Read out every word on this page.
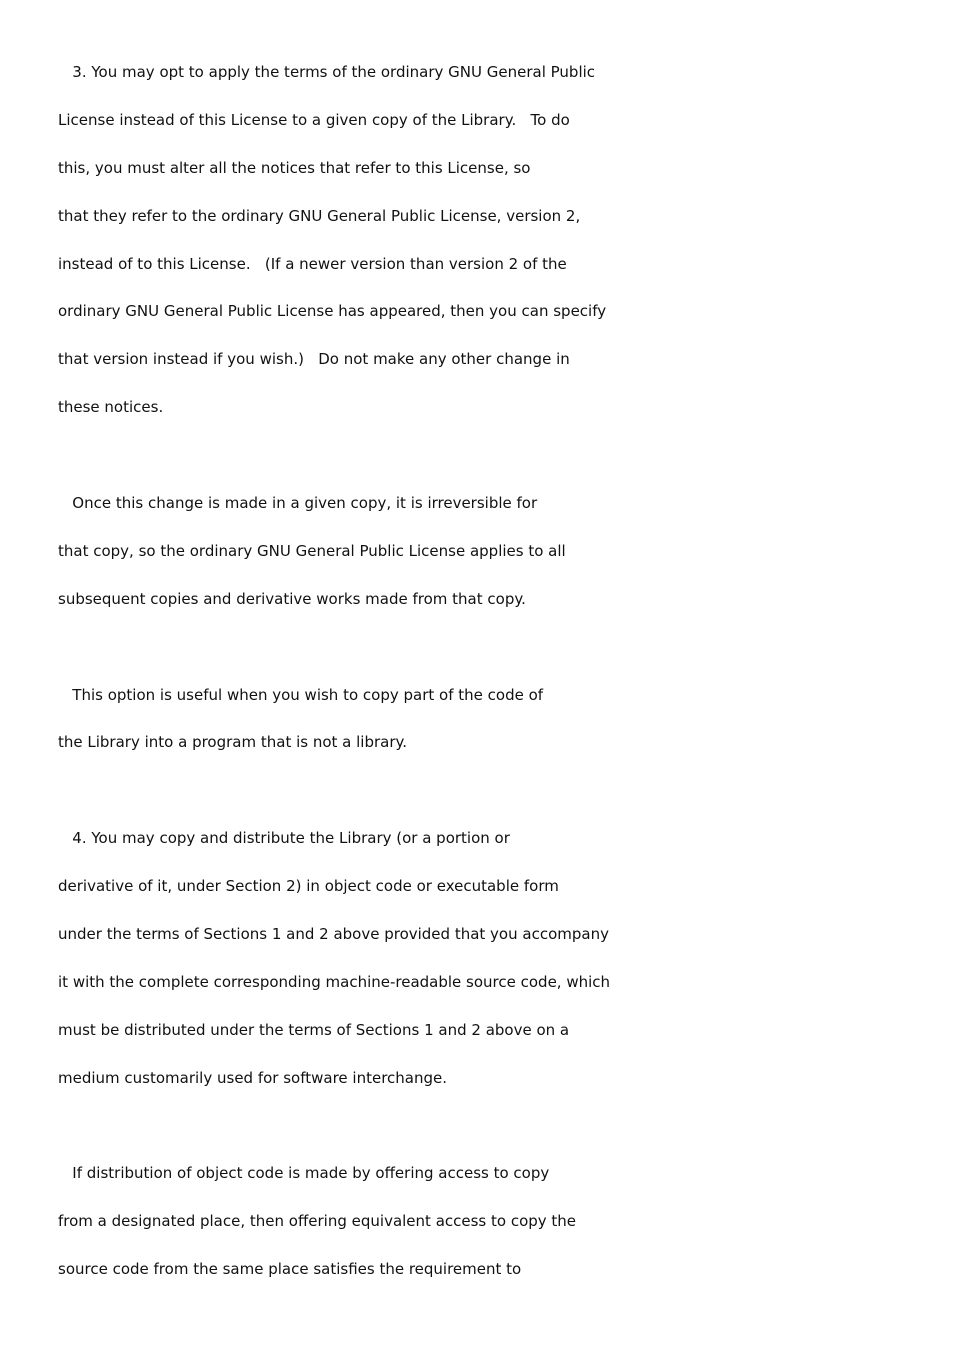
3. You may opt to apply the terms of the ordinary GNU General Public

License instead of this License to a given copy of the Library.   To do

this, you must alter all the notices that refer to this License, so

that they refer to the ordinary GNU General Public License, version 2,

instead of to this License.   (If a newer version than version 2 of the

ordinary GNU General Public License has appeared, then you can specify

that version instead if you wish.)   Do not make any other change in

these notices.

Once this change is made in a given copy, it is irreversible for

that copy, so the ordinary GNU General Public License applies to all

subsequent copies and derivative works made from that copy.

This option is useful when you wish to copy part of the code of

the Library into a program that is not a library.

4. You may copy and distribute the Library (or a portion or

derivative of it, under Section 2) in object code or executable form

under the terms of Sections 1 and 2 above provided that you accompany

it with the complete corresponding machine-readable source code, which

must be distributed under the terms of Sections 1 and 2 above on a

medium customarily used for software interchange.

If distribution of object code is made by offering access to copy

from a designated place, then offering equivalent access to copy the

source code from the same place satisfies the requirement to
